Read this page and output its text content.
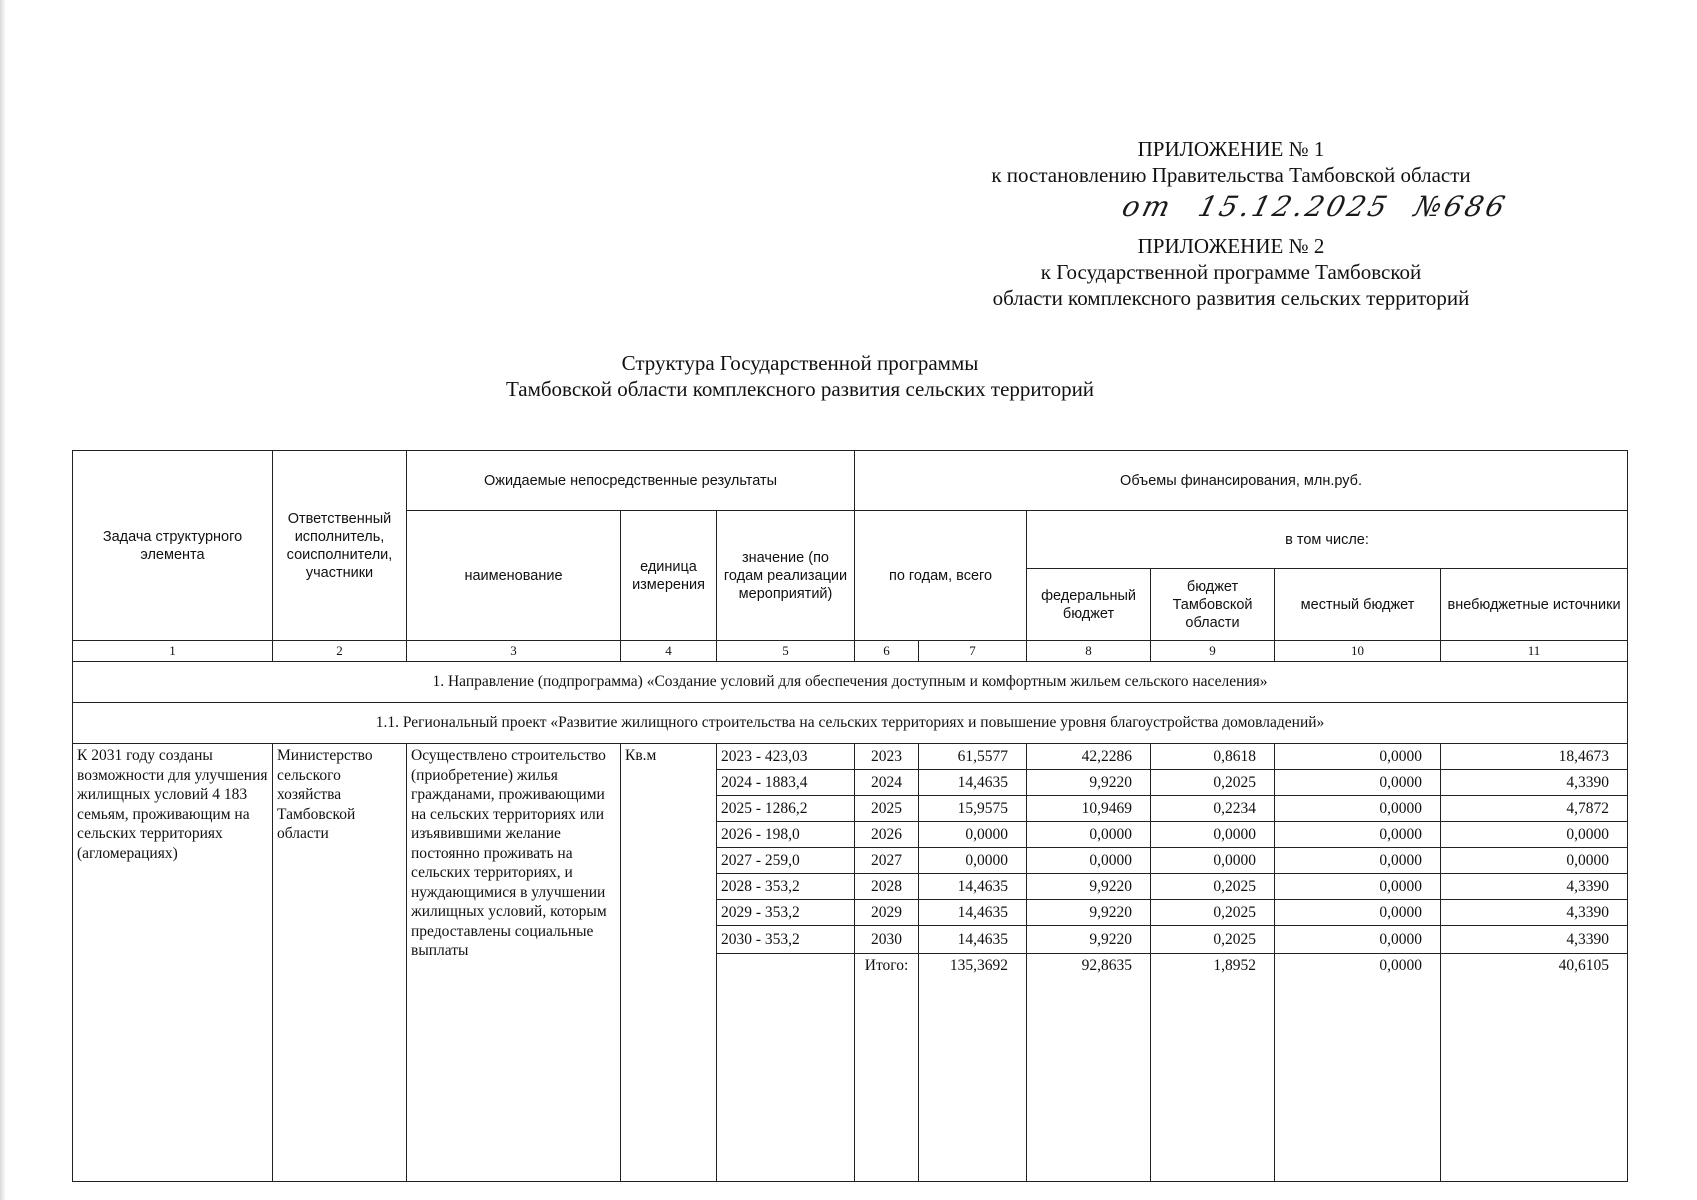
ПРИЛОЖЕНИЕ № 1
к постановлению Правительства Тамбовской области
от 15.12.2025 №686
ПРИЛОЖЕНИЕ № 2
к Государственной программе Тамбовской
области комплексного развития сельских территорий
Структура Государственной программы
Тамбовской области комплексного развития сельских территорий
Задача структурного элемента	Ответственный исполнитель, соисполнители, участники	Ожидаемые непосредственные результаты			Объемы финансирования, млн.руб.					
		наименование	единица измерения	значение (по годам реализации мероприятий)	по годам, всего		в том числе:			
							федеральный бюджет	бюджет Тамбовской области	местный бюджет	внебюджетные источники
1	2	3	4	5	6	7	8	9	10	11
1. Направление (подпрограмма) «Создание условий для обеспечения доступным и комфортным жильем сельского населения»										
1.1. Региональный проект «Развитие жилищного строительства на сельских территориях и повышение уровня благоустройства домовладений»										
К 2031 году созданы возможности для улучшения жилищных условий 4 183 семьям, проживающим на сельских территориях (агломерациях)	Министерство сельского хозяйства Тамбовской области	Осуществлено строительство (приобретение) жилья гражданами, проживающими на сельских территориях или изъявившими желание постоянно проживать на сельских территориях, и нуждающимися в улучшении жилищных условий, которым предоставлены социальные выплаты	Кв.м	2023 - 423,03	2023	61,5577	42,2286	0,8618	0,0000	18,4673
				2024 - 1883,4	2024	14,4635	9,9220	0,2025	0,0000	4,3390
				2025 - 1286,2	2025	15,9575	10,9469	0,2234	0,0000	4,7872
				2026 - 198,0	2026	0,0000	0,0000	0,0000	0,0000	0,0000
				2027 - 259,0	2027	0,0000	0,0000	0,0000	0,0000	0,0000
				2028 - 353,2	2028	14,4635	9,9220	0,2025	0,0000	4,3390
				2029 - 353,2	2029	14,4635	9,9220	0,2025	0,0000	4,3390
				2030 - 353,2	2030	14,4635	9,9220	0,2025	0,0000	4,3390
					Итого:	135,3692	92,8635	1,8952	0,0000	40,6105
